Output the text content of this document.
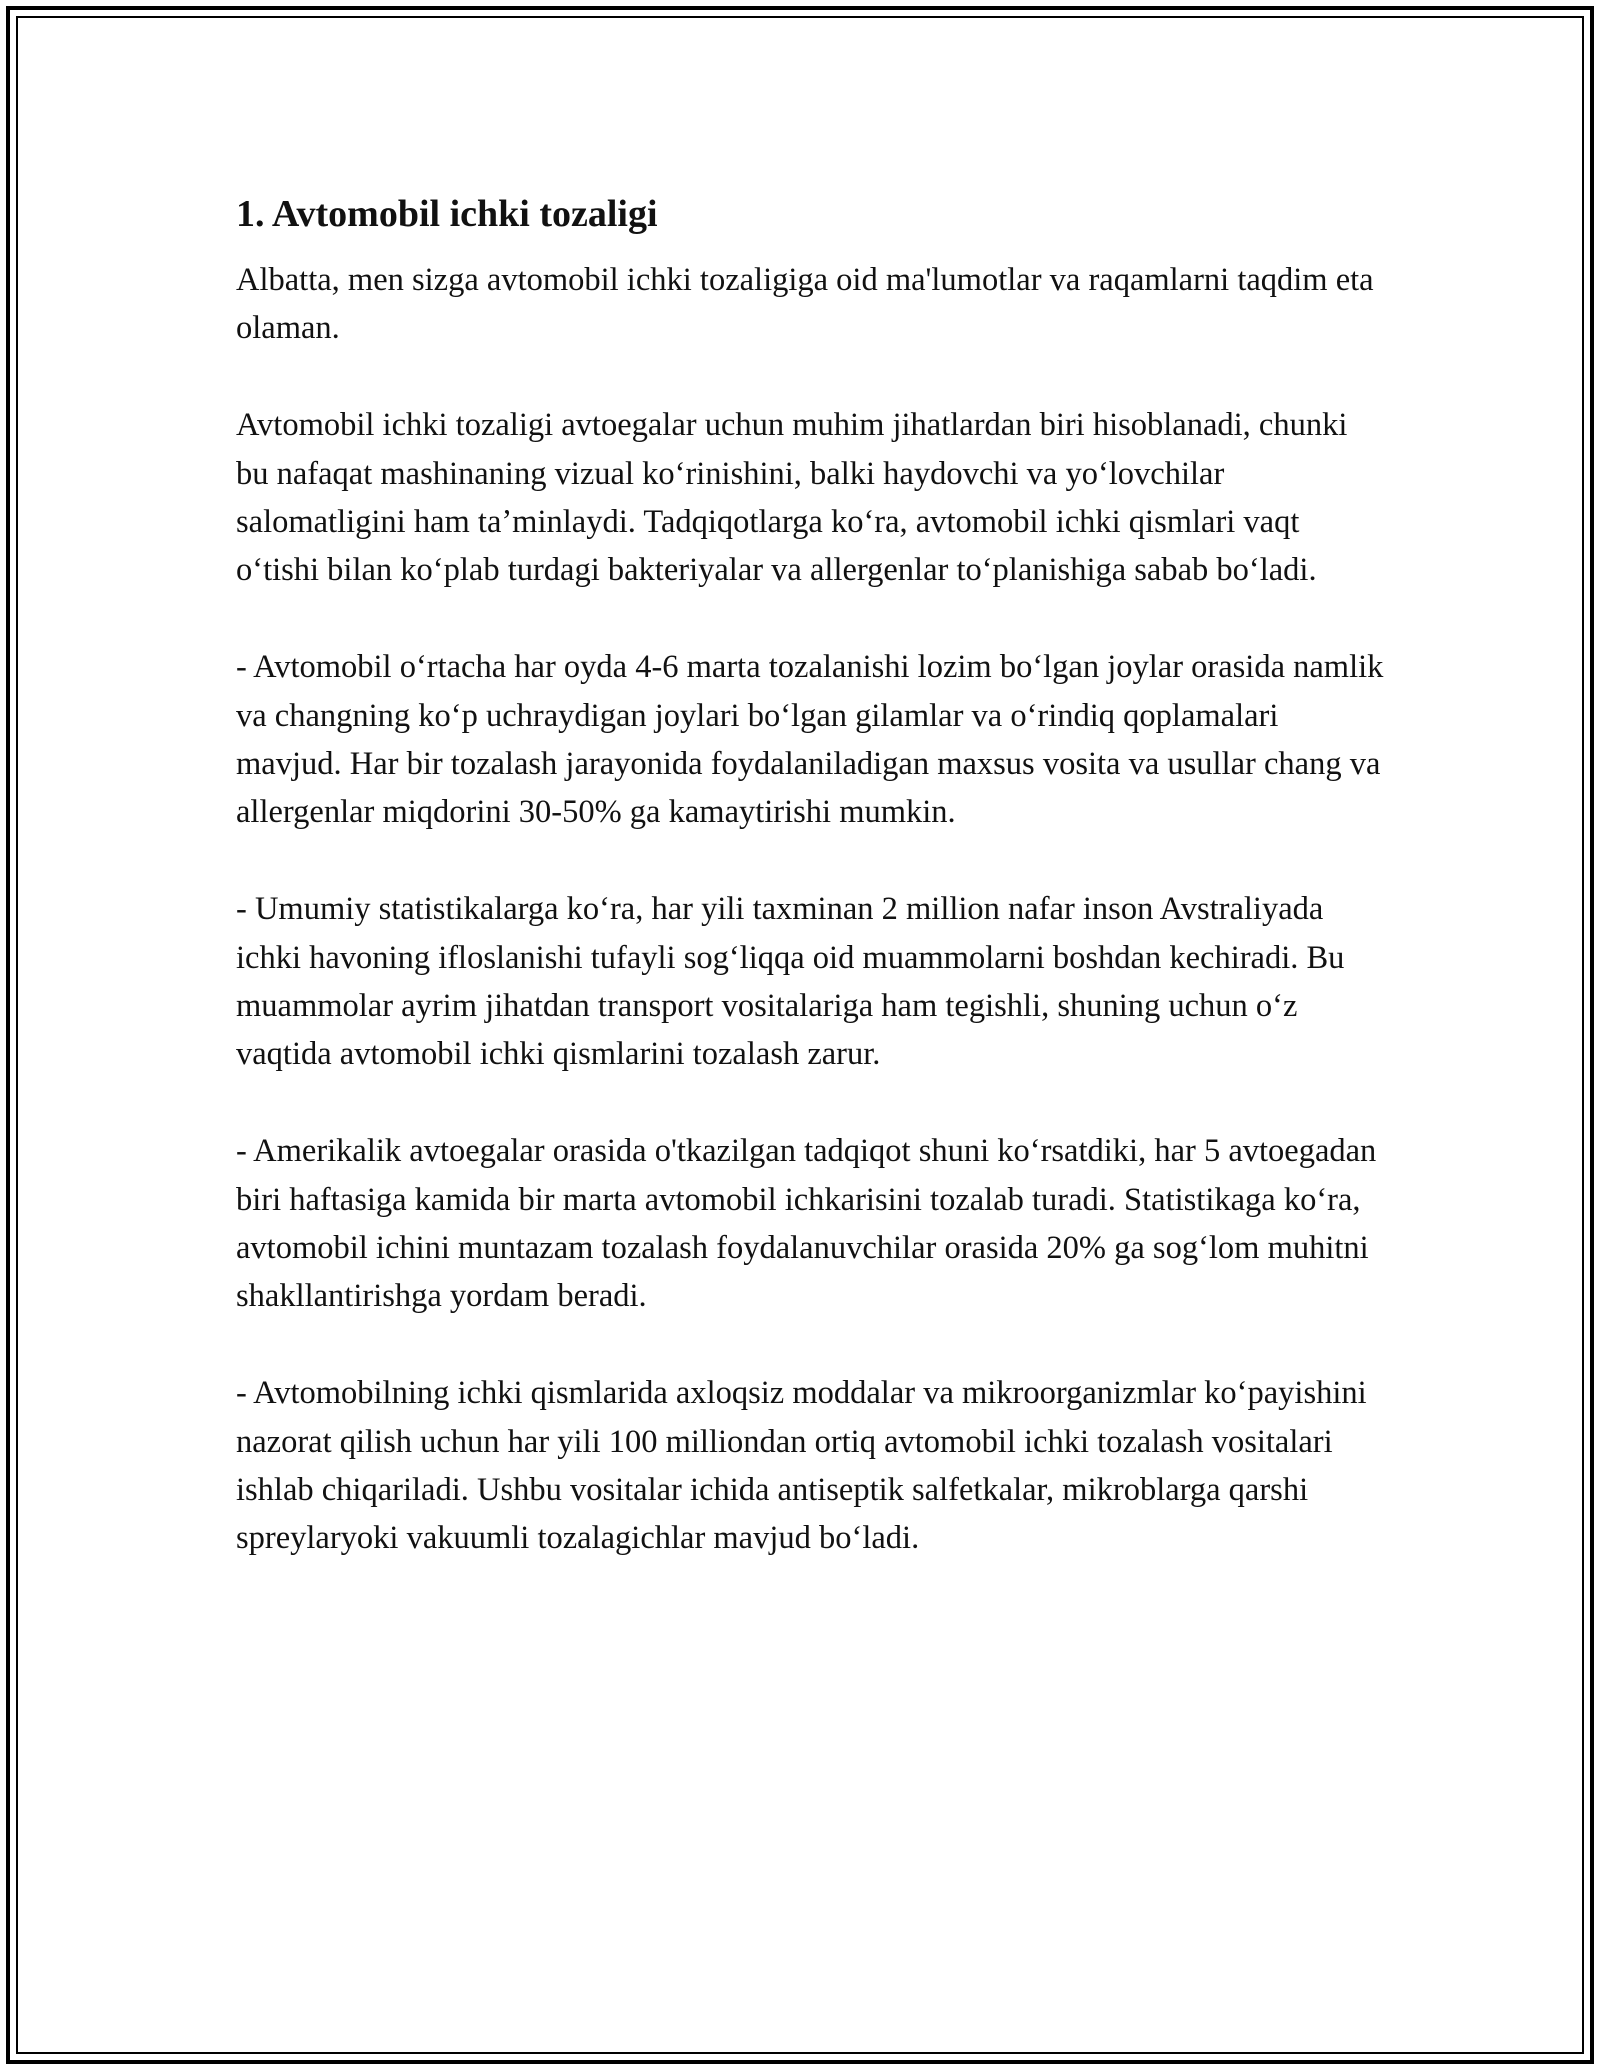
1. Avtomobil ichki tozaligi

Albatta, men sizga avtomobil ichki tozaligiga oid ma'lumotlar va raqamlarni taqdim eta olaman.

Avtomobil ichki tozaligi avtoegalar uchun muhim jihatlardan biri hisoblanadi, chunki bu nafaqat mashinaning vizual koʻrinishini, balki haydovchi va yoʻlovchilar salomatligini ham taʼminlaydi. Tadqiqotlarga koʻra, avtomobil ichki qismlari vaqt oʻtishi bilan koʻplab turdagi bakteriyalar va allergenlar toʻplanishiga sabab boʻladi.

- Avtomobil oʻrtacha har oyda 4-6 marta tozalanishi lozim boʻlgan joylar orasida namlik va changning koʻp uchraydigan joylari boʻlgan gilamlar va oʻrindiq qoplamalari mavjud. Har bir tozalash jarayonida foydalaniladigan maxsus vosita va usullar chang va allergenlar miqdorini 30-50% ga kamaytirishi mumkin.

- Umumiy statistikalarga koʻra, har yili taxminan 2 million nafar inson Avstraliyada ichki havoning ifloslanishi tufayli sogʻliqqa oid muammolarni boshdan kechiradi. Bu muammolar ayrim jihatdan transport vositalariga ham tegishli, shuning uchun oʻz vaqtida avtomobil ichki qismlarini tozalash zarur.

- Amerikalik avtoegalar orasida o'tkazilgan tadqiqot shuni koʻrsatdiki, har 5 avtoegadan biri haftasiga kamida bir marta avtomobil ichkarisini tozalab turadi. Statistikaga koʻra, avtomobil ichini muntazam tozalash foydalanuvchilar orasida 20% ga sogʻlom muhitni shakllantirishga yordam beradi.

- Avtomobilning ichki qismlarida axloqsiz moddalar va mikroorganizmlar koʻpayishini nazorat qilish uchun har yili 100 milliondan ortiq avtomobil ichki tozalash vositalari ishlab chiqariladi. Ushbu vositalar ichida antiseptik salfetkalar, mikroblarga qarshi spreylaryoki vakuumli tozalagichlar mavjud boʻladi.
